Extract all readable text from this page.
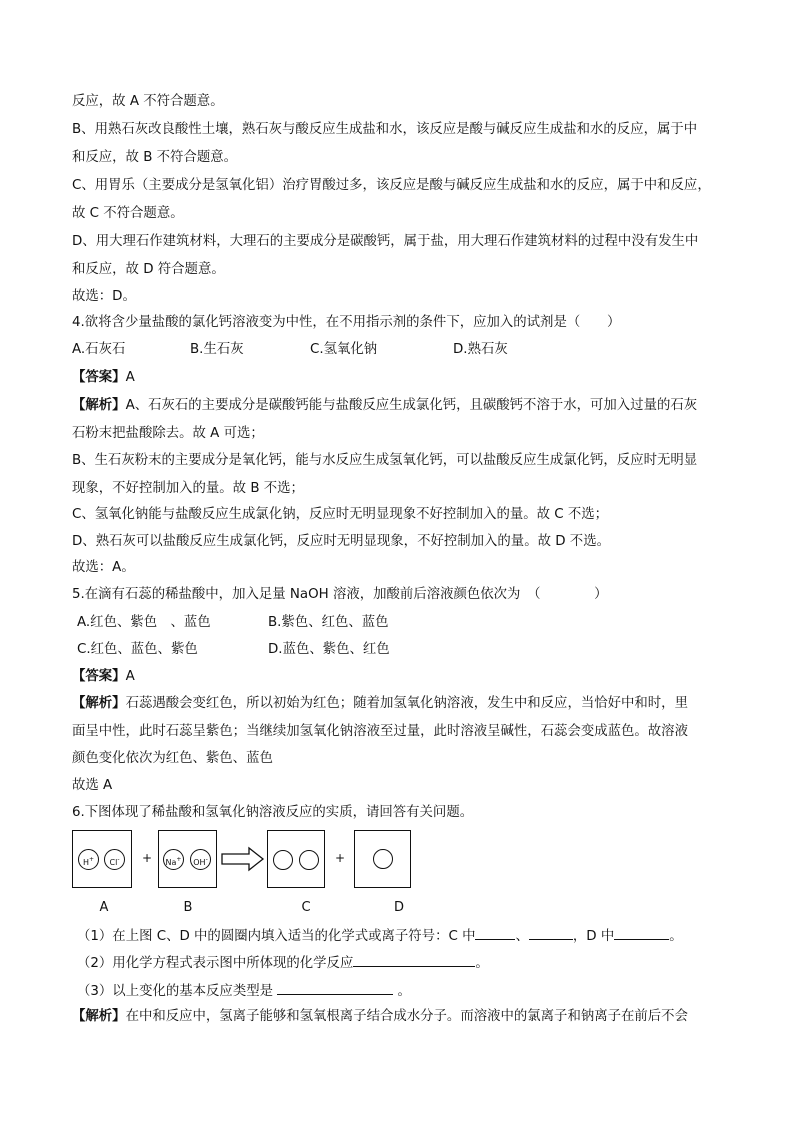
反应，故 A 不符合题意。
B、用熟石灰改良酸性土壤，熟石灰与酸反应生成盐和水，该反应是酸与碱反应生成盐和水的反应，属于中
和反应，故 B 不符合题意。
C、用胃乐（主要成分是氢氧化铝）治疗胃酸过多，该反应是酸与碱反应生成盐和水的反应，属于中和反应，
故 C 不符合题意。
D、用大理石作建筑材料，大理石的主要成分是碳酸钙，属于盐，用大理石作建筑材料的过程中没有发生中
和反应，故 D 符合题意。
故选：D。
4.欲将含少量盐酸的氯化钙溶液变为中性，在不用指示剂的条件下，应加入的试剂是（　　）
A.石灰石	B.生石灰	C.氢氧化钠	D.熟石灰
【答案】A
【解析】A、石灰石的主要成分是碳酸钙能与盐酸反应生成氯化钙，且碳酸钙不溶于水，可加入过量的石灰
石粉末把盐酸除去。故 A 可选；
B、生石灰粉末的主要成分是氧化钙，能与水反应生成氢氧化钙，可以盐酸反应生成氯化钙，反应时无明显
现象，不好控制加入的量。故 B 不选；
C、氢氧化钠能与盐酸反应生成氯化钠，反应时无明显现象不好控制加入的量。故 C 不选；
D、熟石灰可以盐酸反应生成氯化钙，反应时无明显现象，不好控制加入的量。故 D 不选。
故选：A。
5.在滴有石蕊的稀盐酸中，加入足量 NaOH 溶液，加酸前后溶液颜色依次为　（　　　　）
A.红色、紫色　、蓝色	B.紫色、红色、蓝色
C.红色、蓝色、紫色	D.蓝色、紫色、红色
【答案】A
【解析】石蕊遇酸会变红色，所以初始为红色；随着加氢氧化钠溶液，发生中和反应，当恰好中和时，里
面呈中性，此时石蕊呈紫色；当继续加氢氧化钠溶液至过量，此时溶液呈碱性，石蕊会变成蓝色。故溶液
颜色变化依次为红色、紫色、蓝色
故选 A
6.下图体现了稀盐酸和氢氧化钠溶液反应的实质，请回答有关问题。
H+	Cl-	+	Na+	OH- →	+
A	B	C	D
（1）在上图 C、D 中的圆圈内填入适当的化学式或离子符号：C 中	、	，D 中	。
（2）用化学方程式表示图中所体现的化学反应	。
（3）以上变化的基本反应类型是	。
【解析】在中和反应中，氢离子能够和氢氧根离子结合成水分子。而溶液中的氯离子和钠离子在前后不会
